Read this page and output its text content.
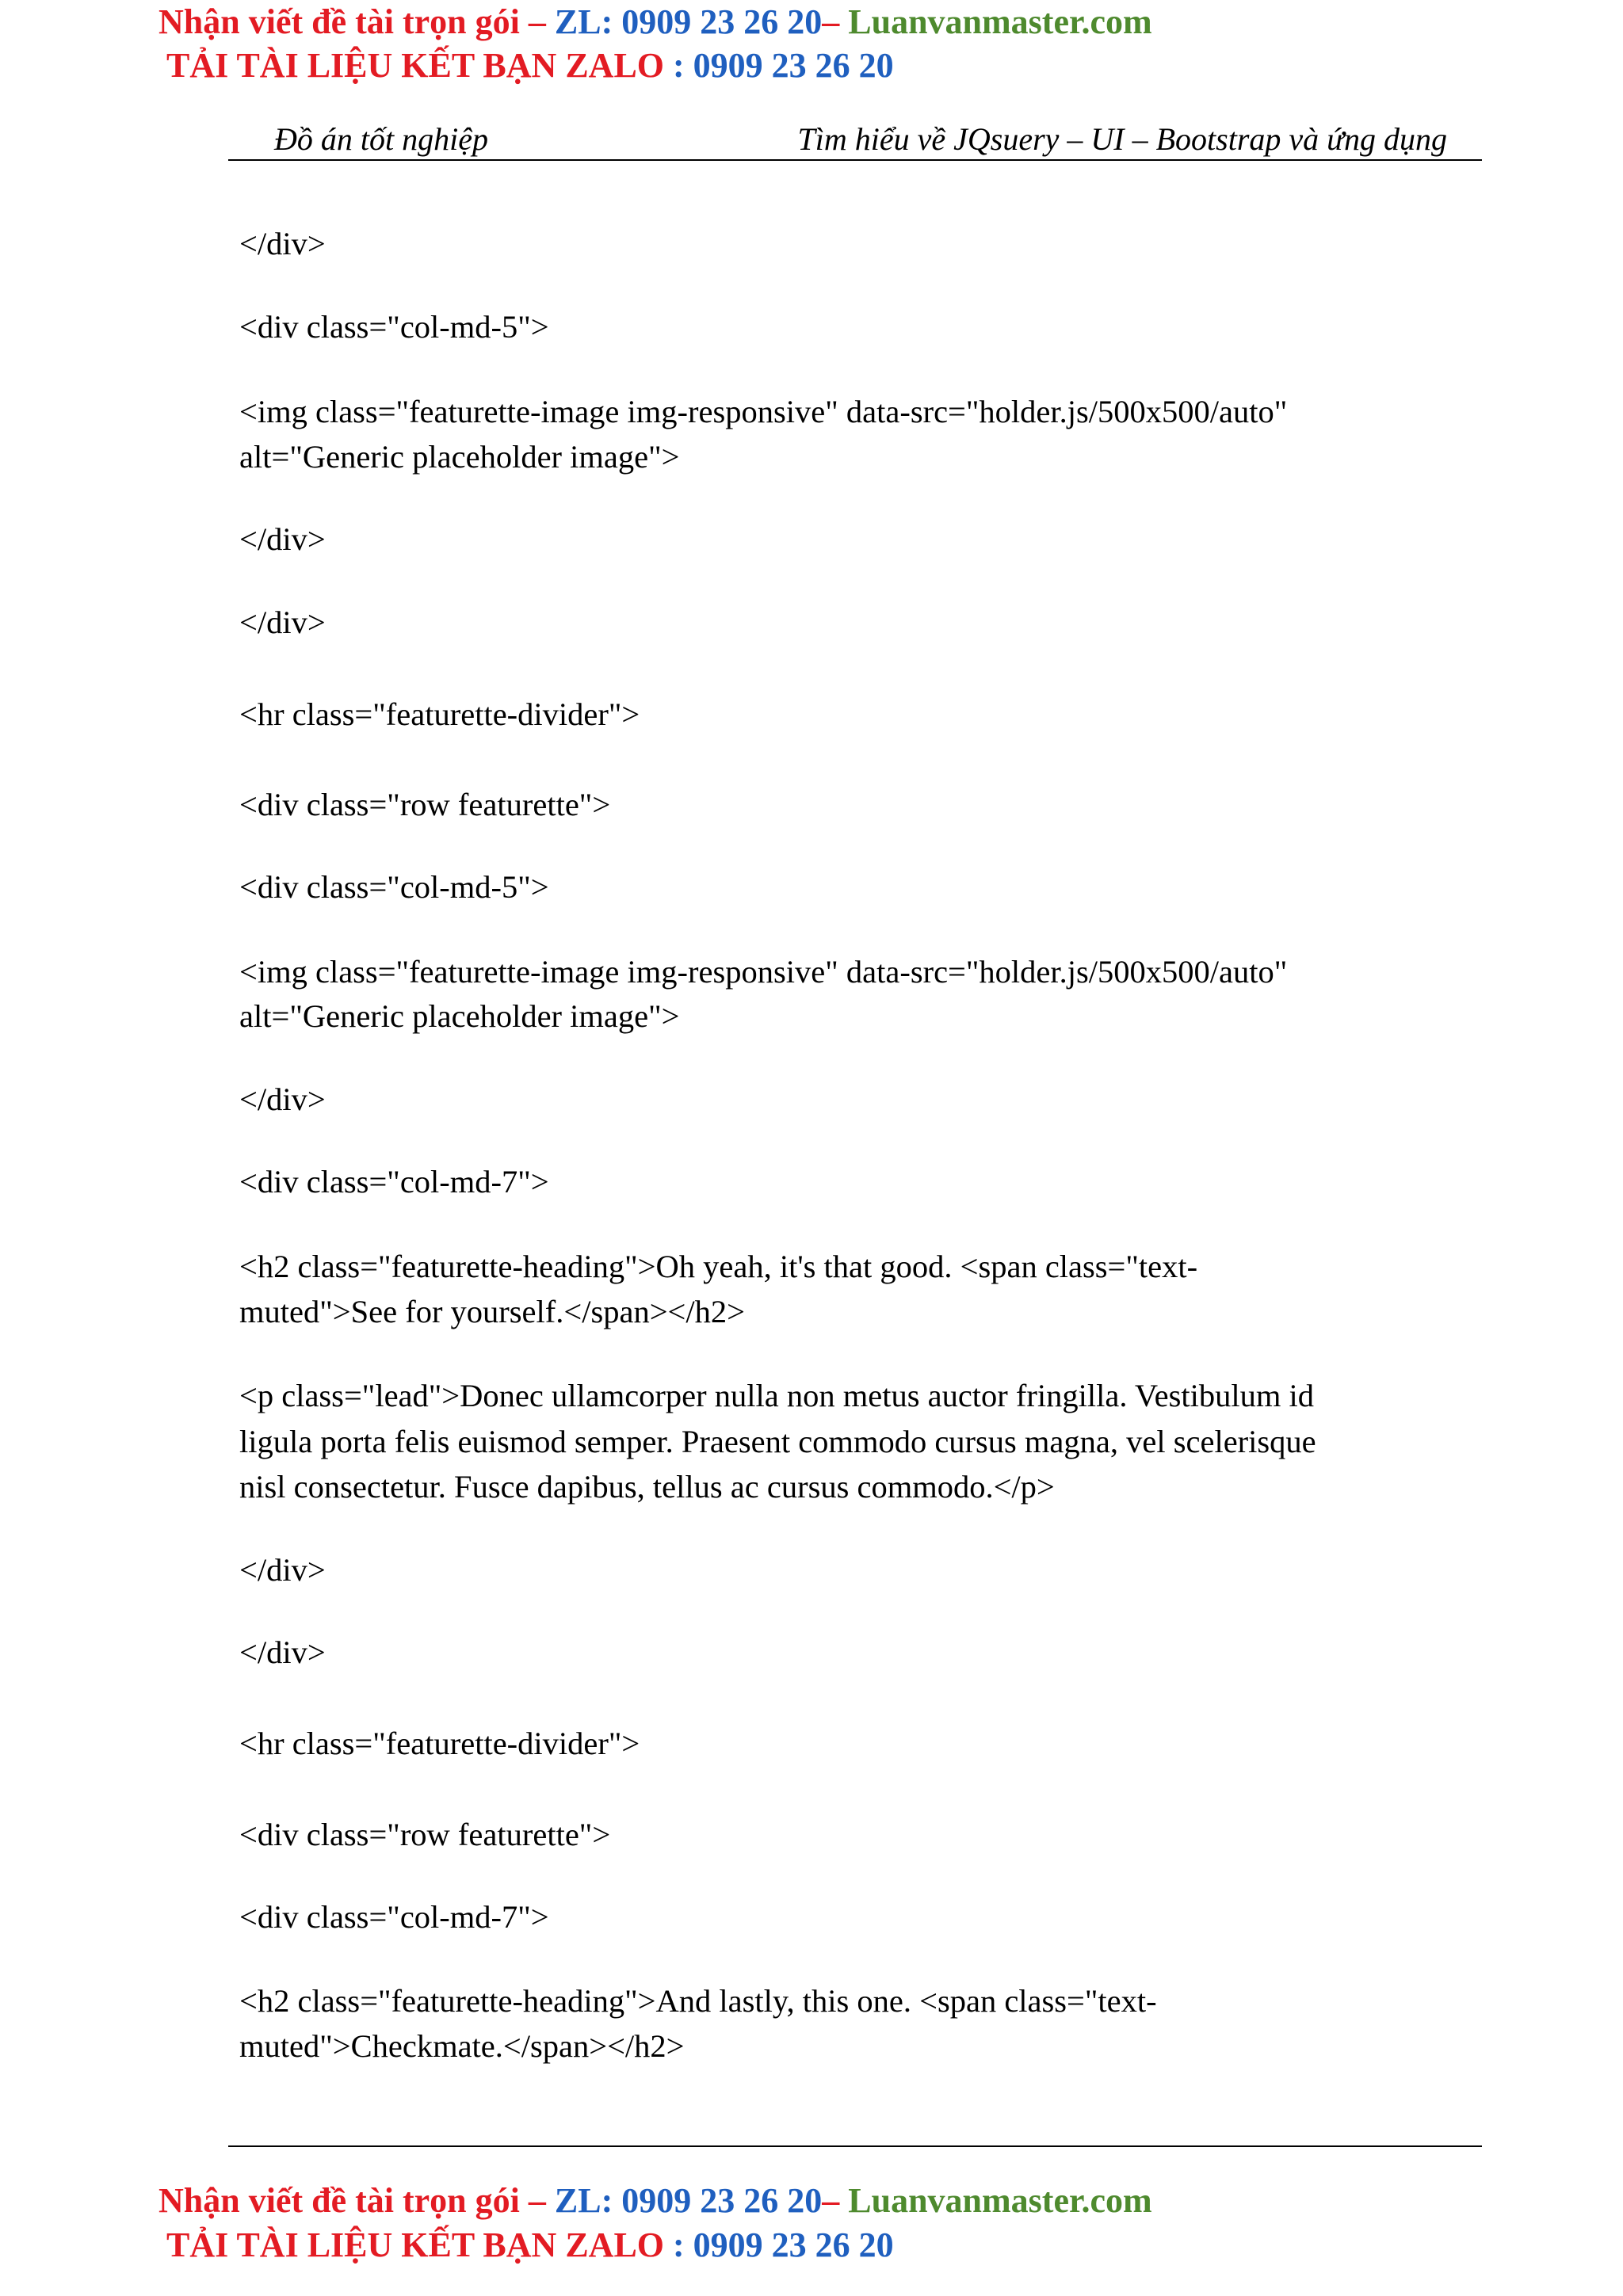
Nhận viết đề tài trọn gói – ZL: 0909 23 26 20– Luanvanmaster.com
TẢI TÀI LIỆU KẾT BẠN ZALO : 0909 23 26 20
Đồ án tốt nghiệp	Tìm hiểu về JQsuery – UI – Bootstrap và ứng dụng
</div>
<div class="col-md-5">
<img class="featurette-image img-responsive" data-src="holder.js/500x500/auto"
alt="Generic placeholder image">
</div>
</div>
<hr class="featurette-divider">
<div class="row featurette">
<div class="col-md-5">
<img class="featurette-image img-responsive" data-src="holder.js/500x500/auto"
alt="Generic placeholder image">
</div>
<div class="col-md-7">
<h2 class="featurette-heading">Oh yeah, it's that good. <span class="text-
muted">See for yourself.</span></h2>
<p class="lead">Donec ullamcorper nulla non metus auctor fringilla. Vestibulum id
ligula porta felis euismod semper. Praesent commodo cursus magna, vel scelerisque
nisl consectetur. Fusce dapibus, tellus ac cursus commodo.</p>
</div>
</div>
<hr class="featurette-divider">
<div class="row featurette">
<div class="col-md-7">
<h2 class="featurette-heading">And lastly, this one. <span class="text-
muted">Checkmate.</span></h2>
Nhận viết đề tài trọn gói – ZL: 0909 23 26 20– Luanvanmaster.com
TẢI TÀI LIỆU KẾT BẠN ZALO : 0909 23 26 20
